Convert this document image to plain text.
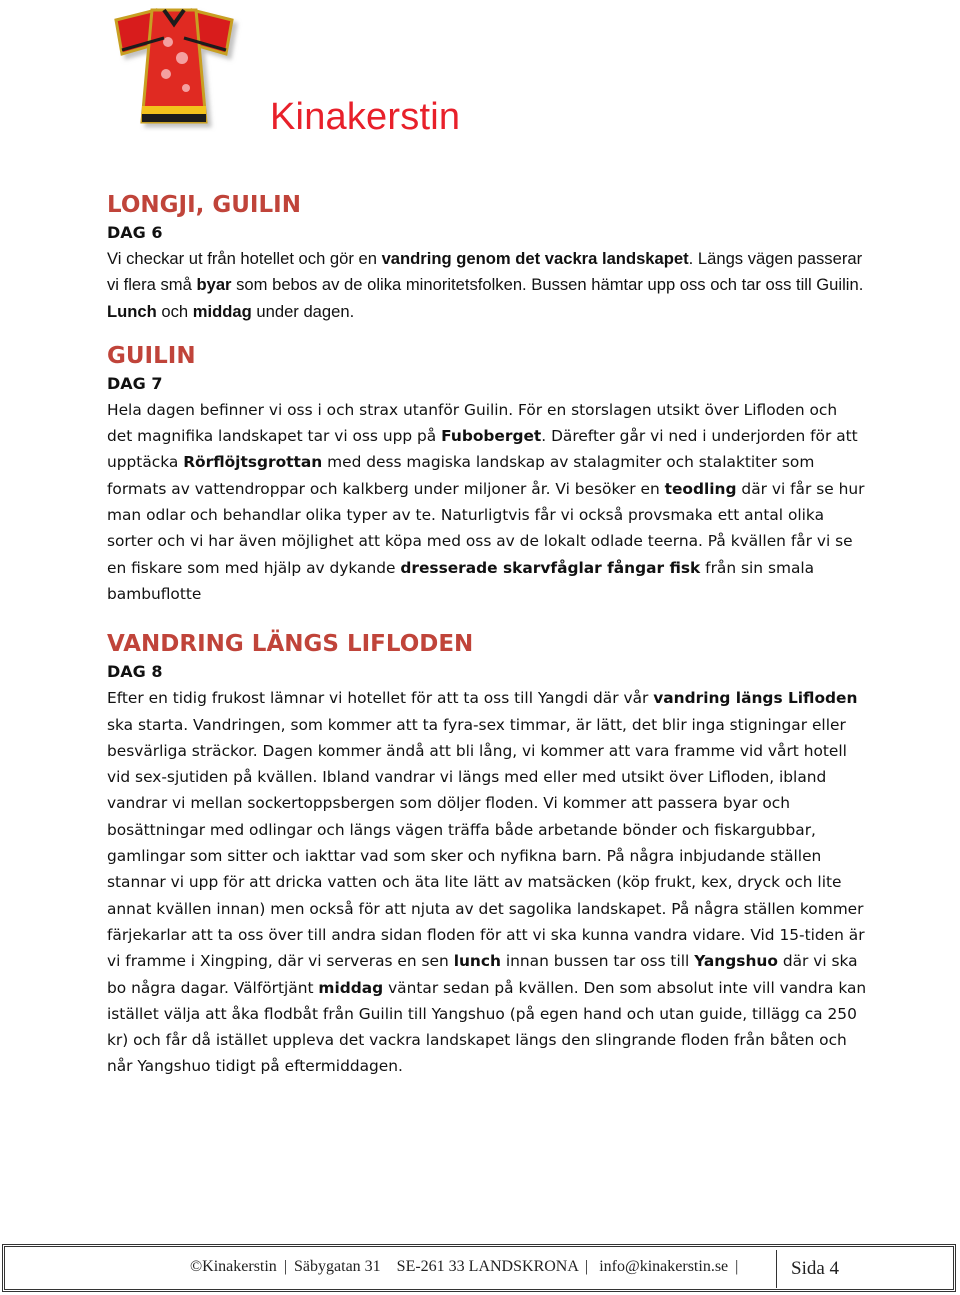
Kinakerstin
LONGJI, GUILIN
DAG 6

Vi checkar ut från hotellet och gör en vandring genom det vackra landskapet. Längs vägen passerar vi flera små byar som bebos av de olika minoritetsfolken. Bussen hämtar upp oss och tar oss till Guilin. Lunch och middag under dagen.

GUILIN
DAG 7

Hela dagen befinner vi oss i och strax utanför Guilin. För en storslagen utsikt över Lifloden och det magnifika landskapet tar vi oss upp på Fuboberget. Därefter går vi ned i underjorden för att upptäcka Rörflöjtsgrottan med dess magiska landskap av stalagmiter och stalaktiter som formats av vattendroppar och kalkberg under miljoner år. Vi besöker en teodling där vi får se hur man odlar och behandlar olika typer av te. Naturligtvis får vi också provsmaka ett antal olika sorter och vi har även möjlighet att köpa med oss av de lokalt odlade teerna. På kvällen får vi se en fiskare som med hjälp av dykande dresserade skarvfåglar fångar fisk från sin smala bambuflotte

VANDRING LÄNGS LIFLODEN
DAG 8

Efter en tidig frukost lämnar vi hotellet för att ta oss till Yangdi där vår vandring längs Lifloden ska starta. Vandringen, som kommer att ta fyra-sex timmar, är lätt, det blir inga stigningar eller besvärliga sträckor. Dagen kommer ändå att bli lång, vi kommer att vara framme vid vårt hotell vid sex-sjutiden på kvällen. Ibland vandrar vi längs med eller med utsikt över Lifloden, ibland vandrar vi mellan sockertoppsbergen som döljer floden. Vi kommer att passera byar och bosättningar med odlingar och längs vägen träffa både arbetande bönder och fiskargubbar, gamlingar som sitter och iakttar vad som sker och nyfikna barn. På några inbjudande ställen stannar vi upp för att dricka vatten och äta lite lätt av matsäcken (köp frukt, kex, dryck och lite annat kvällen innan) men också för att njuta av det sagolika landskapet. På några ställen kommer färjekarlar att ta oss över till andra sidan floden för att vi ska kunna vandra vidare. Vid 15-tiden är vi framme i Xingping, där vi serveras en sen lunch innan bussen tar oss till Yangshuo där vi ska bo några dagar. Välförtjänt middag väntar sedan på kvällen. Den som absolut inte vill vandra kan istället välja att åka flodbåt från Guilin till Yangshuo (på egen hand och utan guide, tillägg ca 250 kr) och får då istället uppleva det vackra landskapet längs den slingrande floden från båten och når Yangshuo tidigt på eftermiddagen.

©Kinakerstin | Säbygatan 31 SE-261 33 LANDSKRONA | info@kinakerstin.se |	Sida 4
